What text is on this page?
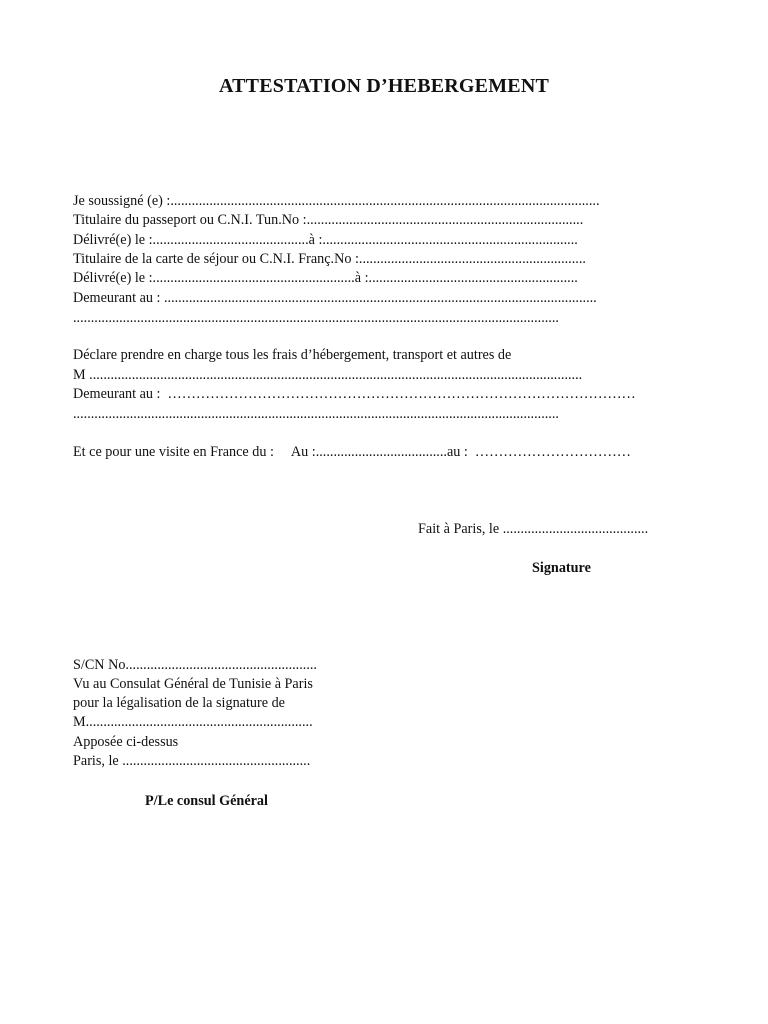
ATTESTATION D’HEBERGEMENT
Je soussigné (e) :.........................................................................................................................
Titulaire du passeport ou C.N.I. Tun.No :..............................................................................
Délivré(e) le :............................................à :........................................................................
Titulaire de la carte de séjour ou C.N.I. Franç.No :................................................................
Délivré(e) le :.........................................................à :...........................................................
Demeurant au : ..........................................................................................................................
.........................................................................................................................................
Déclare prendre en charge tous les frais d’hébergement, transport et autres de
M ...........................................................................................................................................
Demeurant au :  ………………………………………………………………………………………
.........................................................................................................................................
Et ce pour une visite en France du :     Au :.....................................au :  ……………………………
Fait à Paris, le .........................................
Signature
S/CN No......................................................
Vu au Consulat Général de Tunisie à Paris
pour la légalisation de la signature de
M................................................................
Apposée ci-dessus
Paris, le .....................................................
P/Le consul Général
